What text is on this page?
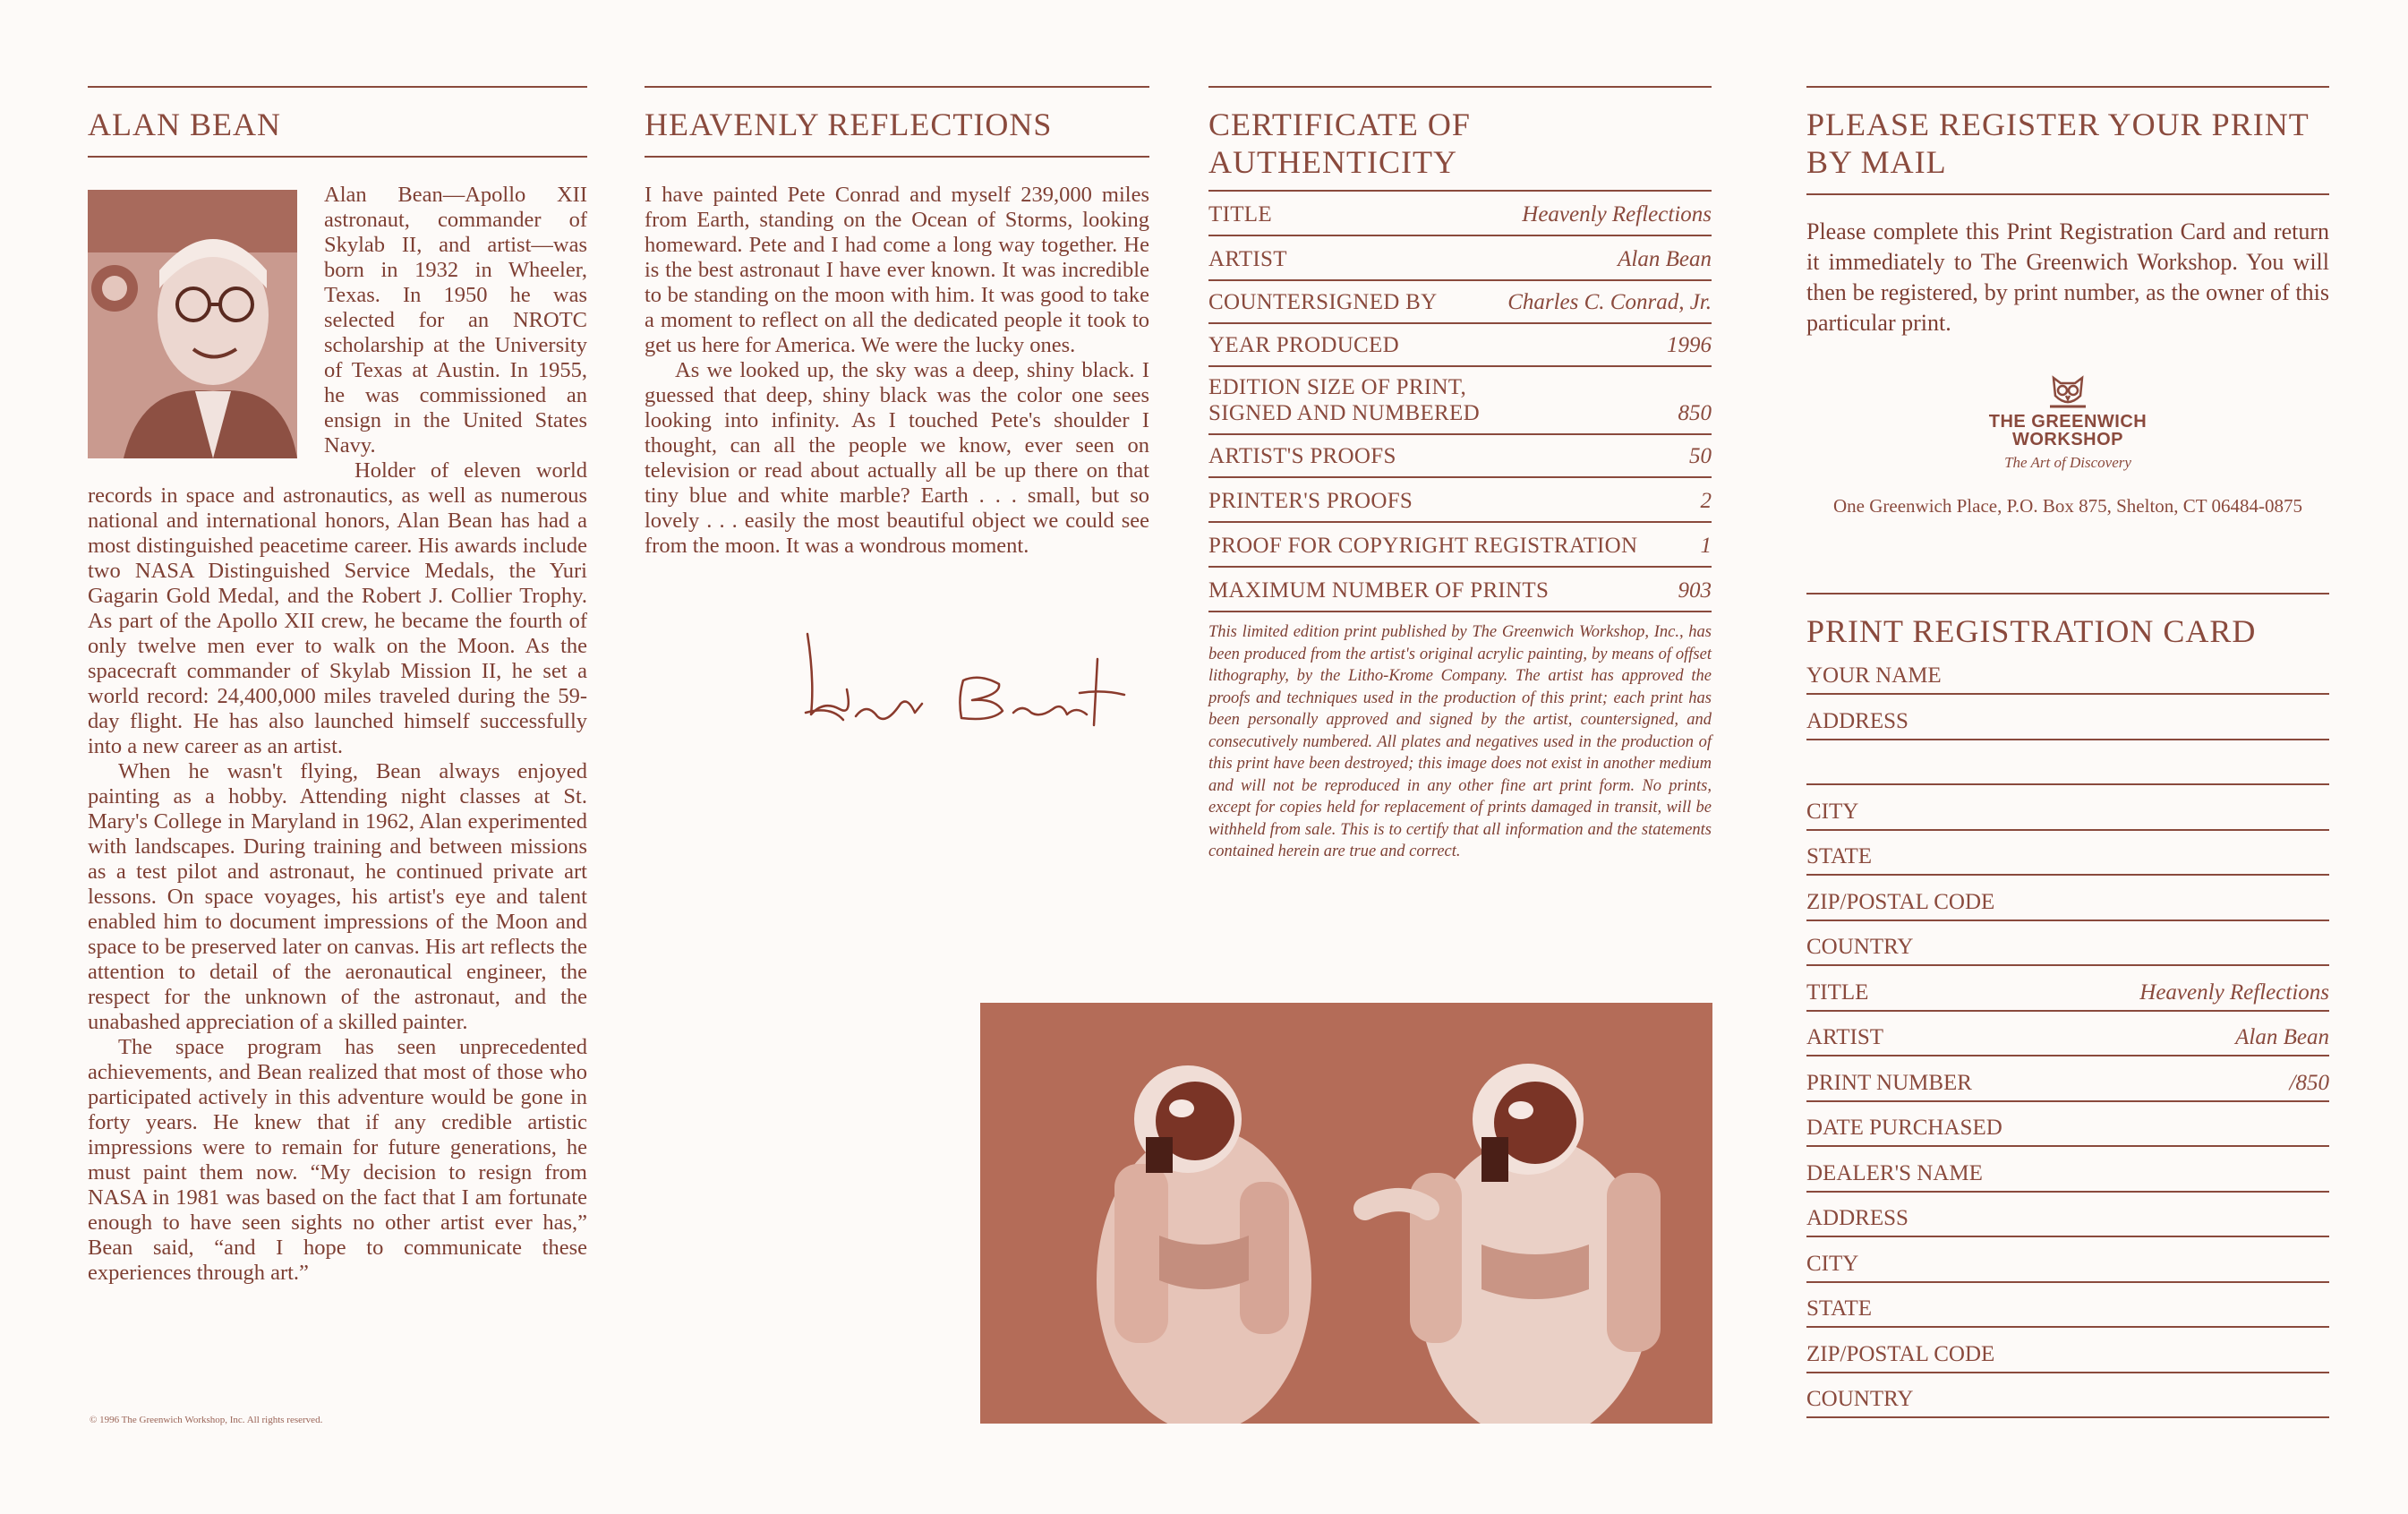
ALAN BEAN

Alan Bean—Apollo XII astronaut, commander of Skylab II, and artist—was born in 1932 in Wheeler, Texas. In 1950 he was selected for an NROTC scholarship at the University of Texas at Austin. In 1955, he was commissioned an ensign in the United States Navy.

Holder of eleven world records in space and astronautics, as well as numerous national and international honors, Alan Bean has had a most distinguished peacetime career. His awards include two NASA Distinguished Service Medals, the Yuri Gagarin Gold Medal, and the Robert J. Collier Trophy. As part of the Apollo XII crew, he became the fourth of only twelve men ever to walk on the Moon. As the spacecraft commander of Skylab Mission II, he set a world record: 24,400,000 miles traveled during the 59-day flight. He has also launched himself successfully into a new career as an artist.

When he wasn't flying, Bean always enjoyed painting as a hobby. Attending night classes at St. Mary's College in Maryland in 1962, Alan experimented with landscapes. During training and between missions as a test pilot and astronaut, he continued private art lessons. On space voyages, his artist's eye and talent enabled him to document impressions of the Moon and space to be preserved later on canvas. His art reflects the attention to detail of the aeronautical engineer, the respect for the unknown of the astronaut, and the unabashed appreciation of a skilled painter.

The space program has seen unprecedented achievements, and Bean realized that most of those who participated actively in this adventure would be gone in forty years. He knew that if any credible artistic impressions were to remain for future generations, he must paint them now. “My decision to resign from NASA in 1981 was based on the fact that I am fortunate enough to have seen sights no other artist ever has,” Bean said, “and I hope to communicate these experiences through art.”

© 1996 The Greenwich Workshop, Inc. All rights reserved.
HEAVENLY REFLECTIONS

I have painted Pete Conrad and myself 239,000 miles from Earth, standing on the Ocean of Storms, looking homeward. Pete and I had come a long way together. He is the best astronaut I have ever known. It was incredible to be standing on the moon with him. It was good to take a moment to reflect on all the dedicated people it took to get us here for America. We were the lucky ones.

As we looked up, the sky was a deep, shiny black. I guessed that deep, shiny black was the color one sees looking into infinity. As I touched Pete's shoulder I thought, can all the people we know, ever seen on television or read about actually all be up there on that tiny blue and white marble? Earth . . . small, but so lovely . . . easily the most beautiful object we could see from the moon. It was a wondrous moment.

CERTIFICATE OF AUTHENTICITY
TITLE	Heavenly Reflections
ARTIST	Alan Bean
COUNTERSIGNED BY	Charles C. Conrad, Jr.
YEAR PRODUCED	1996
EDITION SIZE OF PRINT,
SIGNED AND NUMBERED	850
ARTIST'S PROOFS	50
PRINTER'S PROOFS	2
PROOF FOR COPYRIGHT REGISTRATION	1
MAXIMUM NUMBER OF PRINTS	903

This limited edition print published by The Greenwich Workshop, Inc., has been produced from the artist's original acrylic painting, by means of offset lithography, by the Litho-Krome Company. The artist has approved the proofs and techniques used in the production of this print; each print has been personally approved and signed by the artist, countersigned, and consecutively numbered. All plates and negatives used in the production of this print have been destroyed; this image does not exist in another medium and will not be reproduced in any other fine art print form. No prints, except for copies held for replacement of prints damaged in transit, will be withheld from sale. This is to certify that all information and the statements contained herein are true and correct.

PLEASE REGISTER YOUR PRINT BY MAIL

Please complete this Print Registration Card and return it immediately to The Greenwich Workshop. You will then be registered, by print number, as the owner of this particular print.

THE GREENWICH
WORKSHOP
The Art of Discovery

One Greenwich Place, P.O. Box 875, Shelton, CT 06484-0875

PRINT REGISTRATION CARD
YOUR NAME
ADDRESS
CITY
STATE
ZIP/POSTAL CODE
COUNTRY
TITLE	Heavenly Reflections
ARTIST	Alan Bean
PRINT NUMBER	/850
DATE PURCHASED
DEALER'S NAME
ADDRESS
CITY
STATE
ZIP/POSTAL CODE
COUNTRY
